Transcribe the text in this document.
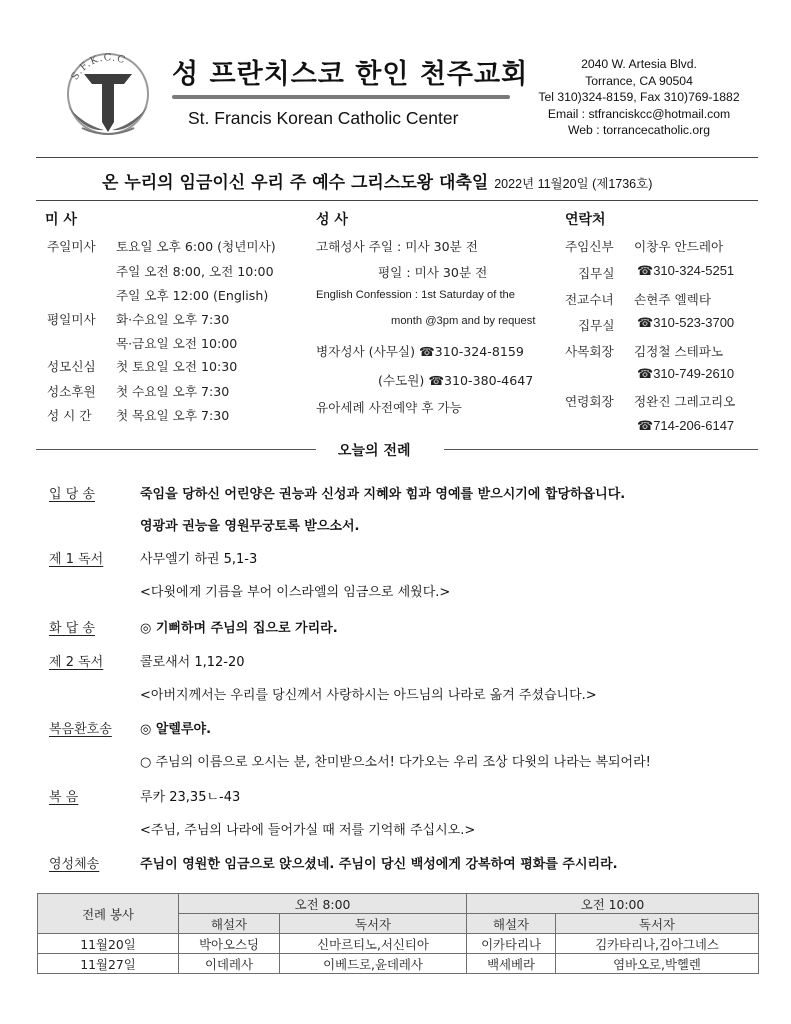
S.F.K.C.C
+	+
성 프란치스코 한인 천주교회
St. Francis Korean Catholic Center
2040 W. Artesia Blvd.
Torrance, CA 90504
Tel 310)324-8159, Fax 310)769-1882
Email : stfranciskcc@hotmail.com
Web : torrancecatholic.org
온 누리의 임금이신 우리 주 예수 그리스도왕 대축일 2022년 11월20일 (제1736호)
미 사
주일미사 토요일 오후 6:00 (청년미사)
주일 오전 8:00, 오전 10:00
주일 오후 12:00 (English)
평일미사 화·수요일 오후 7:30
목·금요일 오전 10:00
성모신심 첫 토요일 오전 10:30
성소후원 첫 수요일 오후 7:30
성 시 간 첫 목요일 오후 7:30
성 사
고해성사 주일 : 미사 30분 전
평일 : 미사 30분 전
English Confession : 1st Saturday of the
month @3pm and by request
병자성사 (사무실) ☎310-324-8159
(수도원) ☎310-380-4647
유아세례 사전예약 후 가능
연락처
주임신부 이창우 안드레아
집무실 ☎310-324-5251
전교수녀 손현주 엘렉타
집무실 ☎310-523-3700
사목회장 김정철 스테파노
☎310-749-2610
연령회장 정완진 그레고리오
☎714-206-6147
오늘의 전례
입 당 송	죽임을 당하신 어린양은 권능과 신성과 지혜와 힘과 영예를 받으시기에 합당하옵니다.
영광과 권능을 영원무궁토록 받으소서.
제 1 독서	사무엘기 하권 5,1-3
<다윗에게 기름을 부어 이스라엘의 임금으로 세웠다.>
화 답 송	◎ 기뻐하며 주님의 집으로 가리라.
제 2 독서	콜로새서 1,12-20
<아버지께서는 우리를 당신께서 사랑하시는 아드님의 나라로 옮겨 주셨습니다.>
복음환호송 ◎ 알렐루야.
○ 주님의 이름으로 오시는 분, 찬미받으소서! 다가오는 우리 조상 다윗의 나라는 복되어라!
복 음	루카 23,35ㄴ-43
<주님, 주님의 나라에 들어가실 때 저를 기억해 주십시오.>
영성체송	주님이 영원한 임금으로 앉으셨네. 주님이 당신 백성에게 강복하여 평화를 주시리라.
전례 봉사	오전 8:00		오전 10:00	
	해설자	독서자	해설자	독서자
11월20일	박아오스딩	신마르티노,서신티아	이카타리나	김카타리나,김아그네스
11월27일	이데레사	이베드로,윤데레사	백세베라	염바오로,박헬렌
